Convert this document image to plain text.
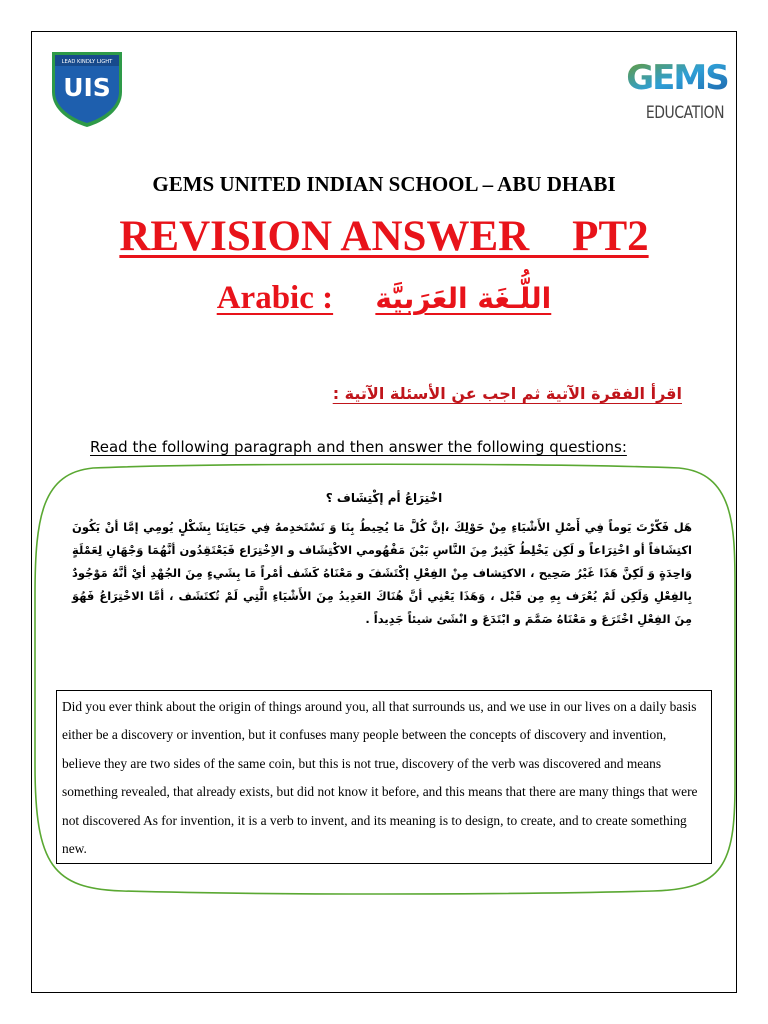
LEAD KINDLY LIGHT
UIS	GEMS
EDUCATION
GEMS UNITED INDIAN SCHOOL – ABU DHABI
REVISION ANSWER    PT2
Arabic : اللُّـغَة العَرَبيَّة
اقرأ الفقرة الآتية ثم اجب عن الأسئلة الآتية :
Read the following paragraph and then answer the following questions:
اخْتِرَاعُ أم إكْتِشَاف ؟
هَل فَكّرْتَ يَوماً فِي أَصْلِ الأَشْيَاءِ مِنْ حَوْلِكَ ،إنَّ كُلَّ مَا يُحِيطُ بِنَا وَ نَسْتَخدِمهُ فِي حَيَاتِنَا بِشَكْلٍ يُومِي إمَّا أنْ يَكُونَ اكتِشَافاً أو اخْتِرَاعاً و لَكِن يَخْلِطُ كَثِيرٌ مِنَ النَّاسِ بَيْنَ مَفْهُومي الاكْتِشَاف و الاِخْتِرَاع فَيَعْتَقِدُون أنَّهُمَا وَجْهَانِ لِعَمْلَةٍ وَاحِدَةٍ وَ لَكِنَّ هَذَا غَيْرُ صَحِيح ، الاكتِشاف مِنْ الفِعْلِ إكْتَشَفَ و مَعْنَاهُ كَشَف أمْراً مَا بِشَيءٍ مِنَ الجُهْدِ أيْ أنَّهُ مَوْجُودٌ بِالفِعْلِ وَلَكِن لَمْ يُعْرَف بِهِ مِن قَبْل ، وَهَذَا يَعْنِي أنَّ هُنَاكَ العَدِيدُ مِنَ الأَشْيَاءِ الَّتِي لَمْ تُكتَشَف ، أمَّا الاخْتِرَاعُ فَهُوَ مِنَ الفِعْلِ اخْتَرَعَ و مَعْنَاهُ صَمَّمَ و ابْتَدَعَ و انْشَئ شيئاً جَدِيداً .
Did you ever think about the origin of things around you, all that surrounds us, and we use in our lives on a daily basis either be a discovery or invention, but it confuses many people between the concepts of discovery and invention, believe they are two sides of the same coin, but this is not true, discovery of the verb was discovered and means something revealed, that already exists, but did not know it before, and this means that there are many things that were not discovered As for invention, it is a verb to invent, and its meaning is to design, to create, and to create something new.
